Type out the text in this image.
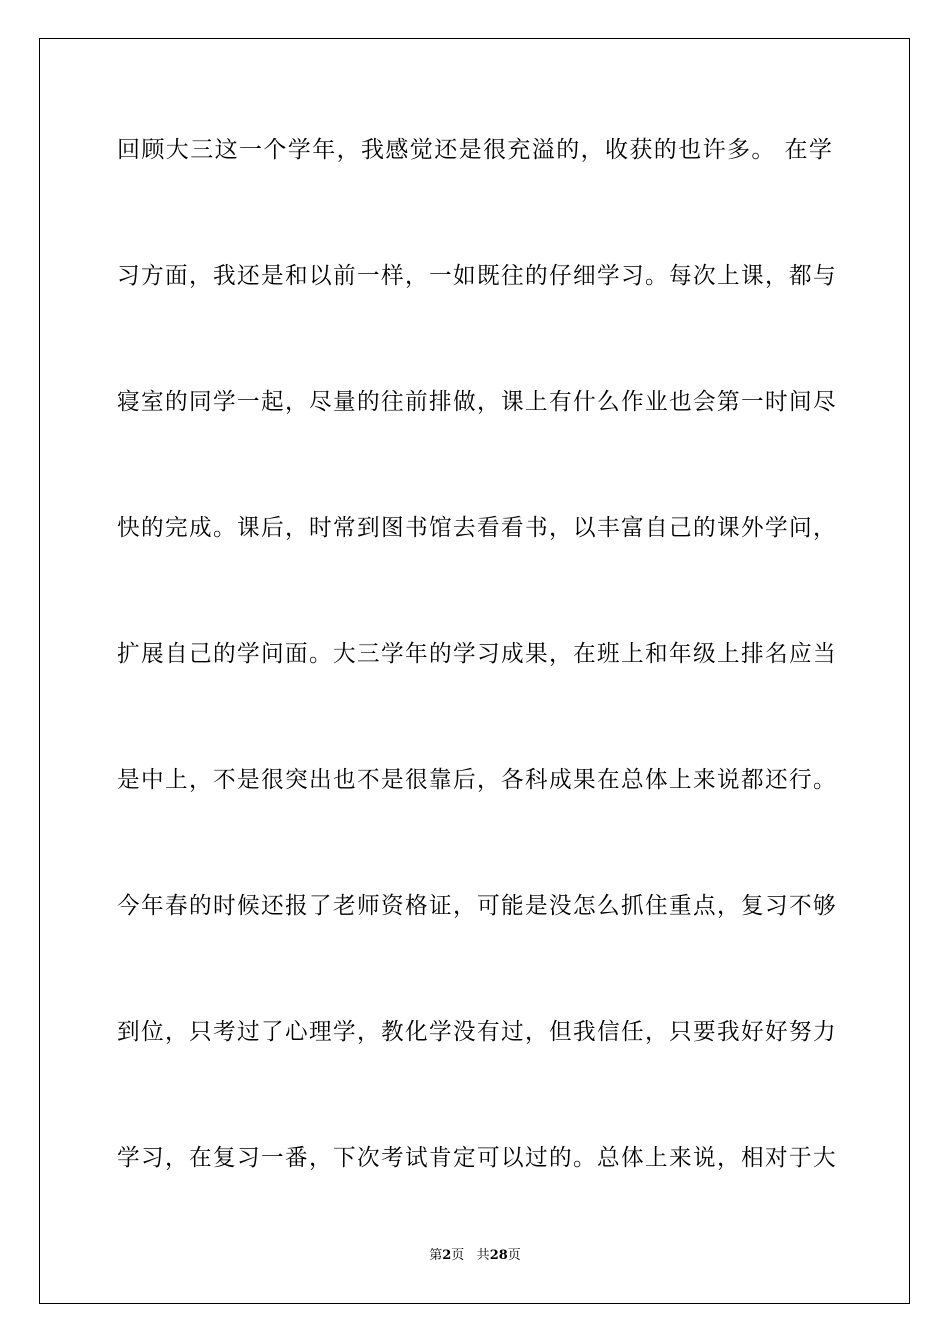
回顾大三这一个学年，我感觉还是很充溢的，收获的也许多。 在学
习方面，我还是和以前一样，一如既往的仔细学习。每次上课，都与
寝室的同学一起，尽量的往前排做，课上有什么作业也会第一时间尽
快的完成。课后，时常到图书馆去看看书，以丰富自己的课外学问，
扩展自己的学问面。大三学年的学习成果，在班上和年级上排名应当
是中上，不是很突出也不是很靠后，各科成果在总体上来说都还行。
今年春的时候还报了老师资格证，可能是没怎么抓住重点，复习不够
到位，只考过了心理学，教化学没有过，但我信任，只要我好好努力
学习，在复习一番，下次考试肯定可以过的。总体上来说，相对于大
第2页 共28页
